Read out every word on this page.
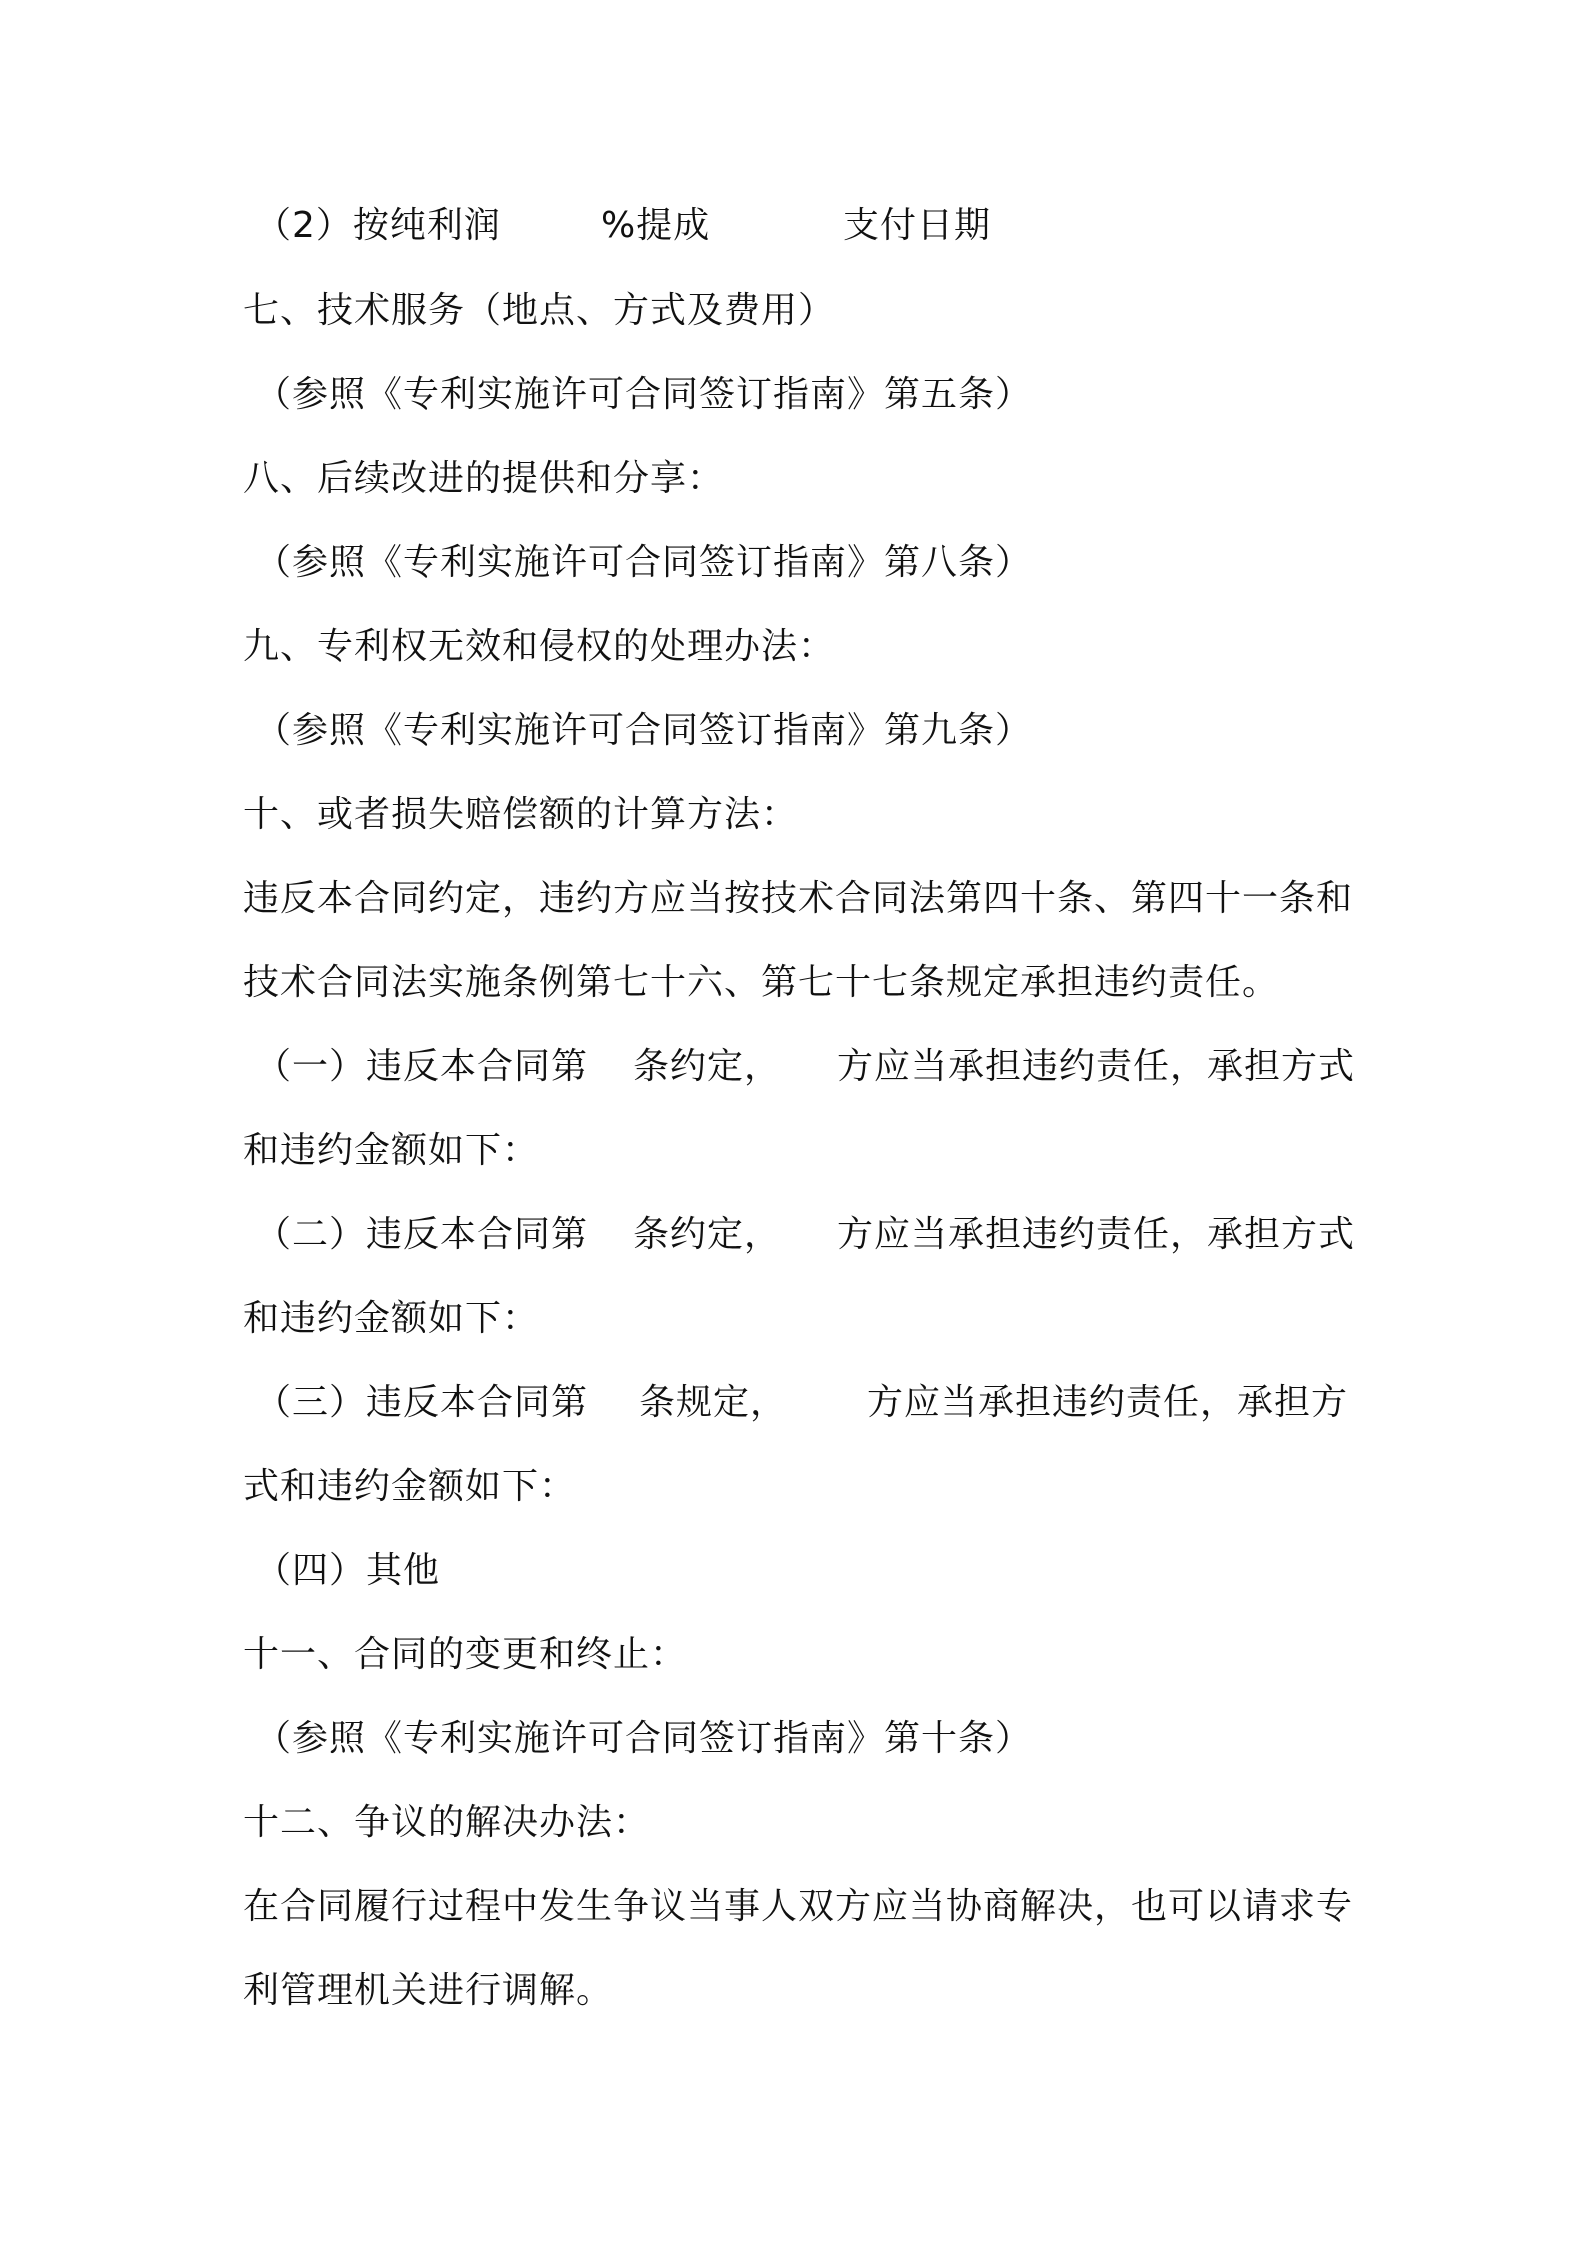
（2）按纯利润

	%提成

	支付日期

七、技术服务（地点、方式及费用）
（参照《专利实施许可合同签订指南》第五条）
八、后续改进的提供和分享：
（参照《专利实施许可合同签订指南》第八条）
九、专利权无效和侵权的处理办法：
（参照《专利实施许可合同签订指南》第九条）
十、或者损失赔偿额的计算方法：
违反本合同约定，违约方应当按技术合同法第四十条、第四十一条和
技术合同法实施条例第七十六、第七十七条规定承担违约责任。

（一）违反本合同第

条约定，

方应当承担违约责任，承担方式

和违约金额如下：

（二）违反本合同第

条约定，

方应当承担违约责任，承担方式

和违约金额如下：

（三）违反本合同第

条规定，

方应当承担违约责任，承担方

式和违约金额如下：
（四）其他
十一、合同的变更和终止：
（参照《专利实施许可合同签订指南》第十条）
十二、争议的解决办法：
在合同履行过程中发生争议当事人双方应当协商解决，也可以请求专
利管理机关进行调解。
